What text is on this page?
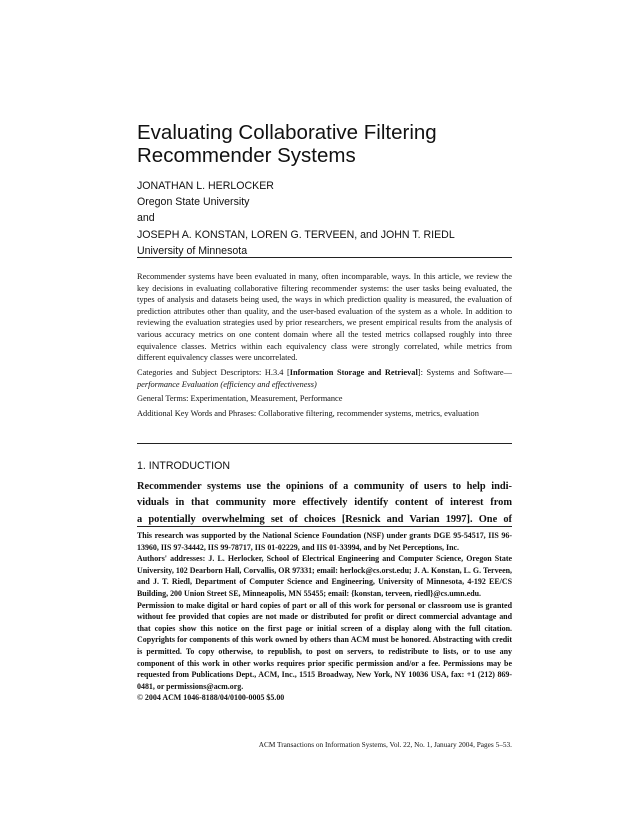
Evaluating Collaborative Filtering
Recommender Systems
JONATHAN L. HERLOCKER
Oregon State University
and
JOSEPH A. KONSTAN, LOREN G. TERVEEN, and JOHN T. RIEDL
University of Minnesota

Recommender systems have been evaluated in many, often incomparable, ways. In this article, we review the key decisions in evaluating collaborative filtering recommender systems: the user tasks being evaluated, the types of analysis and datasets being used, the ways in which prediction quality is measured, the evaluation of prediction attributes other than quality, and the user-based evaluation of the system as a whole. In addition to reviewing the evaluation strategies used by prior researchers, we present empirical results from the analysis of various accuracy metrics on one content domain where all the tested metrics collapsed roughly into three equivalence classes. Metrics within each equivalency class were strongly correlated, while metrics from different equivalency classes were uncorrelated.

Categories and Subject Descriptors: H.3.4 [Information Storage and Retrieval]: Systems and Software—performance Evaluation (efficiency and effectiveness)

General Terms: Experimentation, Measurement, Performance

Additional Key Words and Phrases: Collaborative filtering, recommender systems, metrics, evaluation

1. INTRODUCTION
Recommender systems use the opinions of a community of users to help indi-
viduals in that community more effectively identify content of interest from
a potentially overwhelming set of choices [Resnick and Varian 1997]. One of

This research was supported by the National Science Foundation (NSF) under grants DGE 95-54517, IIS 96-13960, IIS 97-34442, IIS 99-78717, IIS 01-02229, and IIS 01-33994, and by Net Perceptions, Inc.

Authors' addresses: J. L. Herlocker, School of Electrical Engineering and Computer Science, Oregon State University, 102 Dearborn Hall, Corvallis, OR 97331; email: herlock@cs.orst.edu; J. A. Konstan, L. G. Terveen, and J. T. Riedl, Department of Computer Science and Engineering, University of Minnesota, 4-192 EE/CS Building, 200 Union Street SE, Minneapolis, MN 55455; email: {konstan, terveen, riedl}@cs.umn.edu.

Permission to make digital or hard copies of part or all of this work for personal or classroom use is granted without fee provided that copies are not made or distributed for profit or direct commercial advantage and that copies show this notice on the first page or initial screen of a display along with the full citation. Copyrights for components of this work owned by others than ACM must be honored. Abstracting with credit is permitted. To copy otherwise, to republish, to post on servers, to redistribute to lists, or to use any component of this work in other works requires prior specific permission and/or a fee. Permissions may be requested from Publications Dept., ACM, Inc., 1515 Broadway, New York, NY 10036 USA, fax: +1 (212) 869-0481, or permissions@acm.org.

© 2004 ACM 1046-8188/04/0100-0005 $5.00

ACM Transactions on Information Systems, Vol. 22, No. 1, January 2004, Pages 5–53.
